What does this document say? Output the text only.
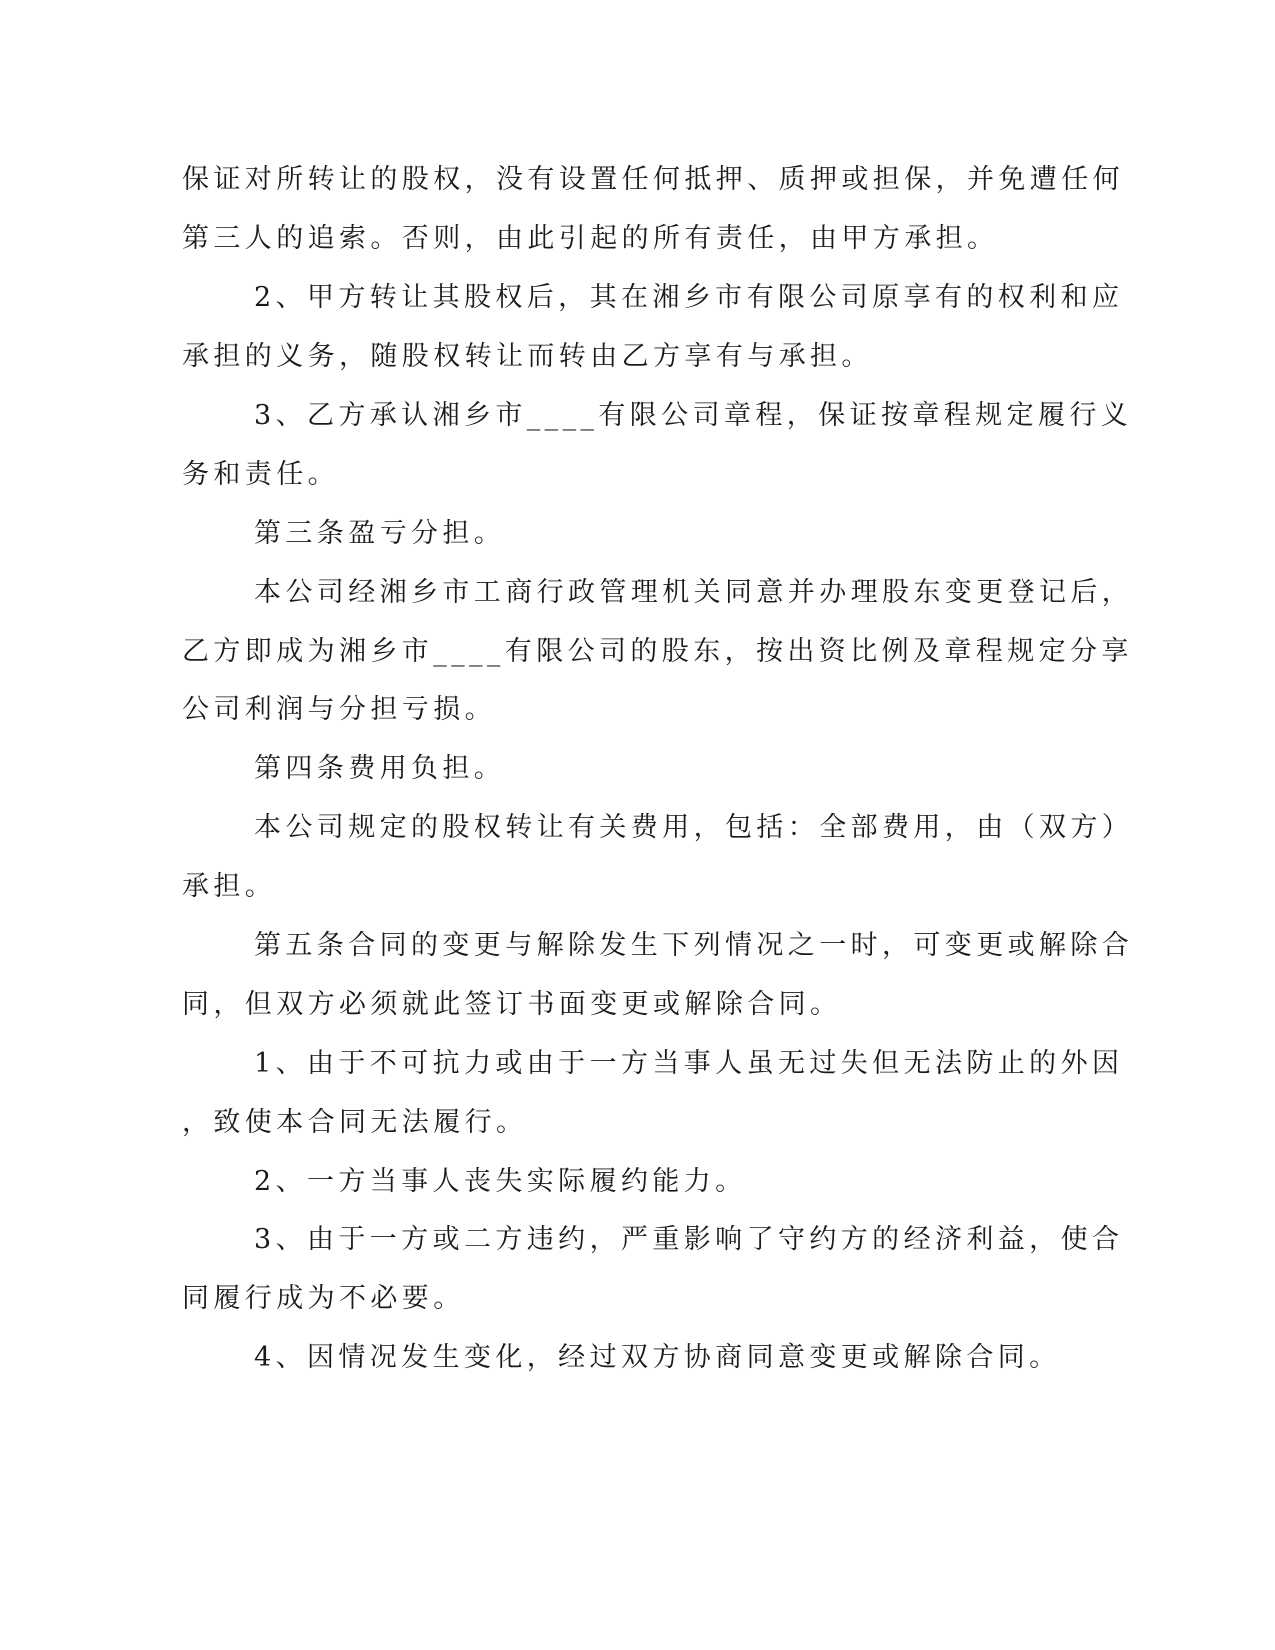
保证对所转让的股权，没有设置任何抵押、质押或担保，并免遭任何
第三人的追索。否则，由此引起的所有责任，由甲方承担。
2、甲方转让其股权后，其在湘乡市有限公司原享有的权利和应
承担的义务，随股权转让而转由乙方享有与承担。
3、乙方承认湘乡市____有限公司章程，保证按章程规定履行义
务和责任。
第三条盈亏分担。
本公司经湘乡市工商行政管理机关同意并办理股东变更登记后，
乙方即成为湘乡市____有限公司的股东，按出资比例及章程规定分享
公司利润与分担亏损。
第四条费用负担。
本公司规定的股权转让有关费用，包括：全部费用，由（双方）
承担。
第五条合同的变更与解除发生下列情况之一时，可变更或解除合
同，但双方必须就此签订书面变更或解除合同。
1、由于不可抗力或由于一方当事人虽无过失但无法防止的外因
，致使本合同无法履行。
2、一方当事人丧失实际履约能力。
3、由于一方或二方违约，严重影响了守约方的经济利益，使合
同履行成为不必要。
4、因情况发生变化，经过双方协商同意变更或解除合同。
